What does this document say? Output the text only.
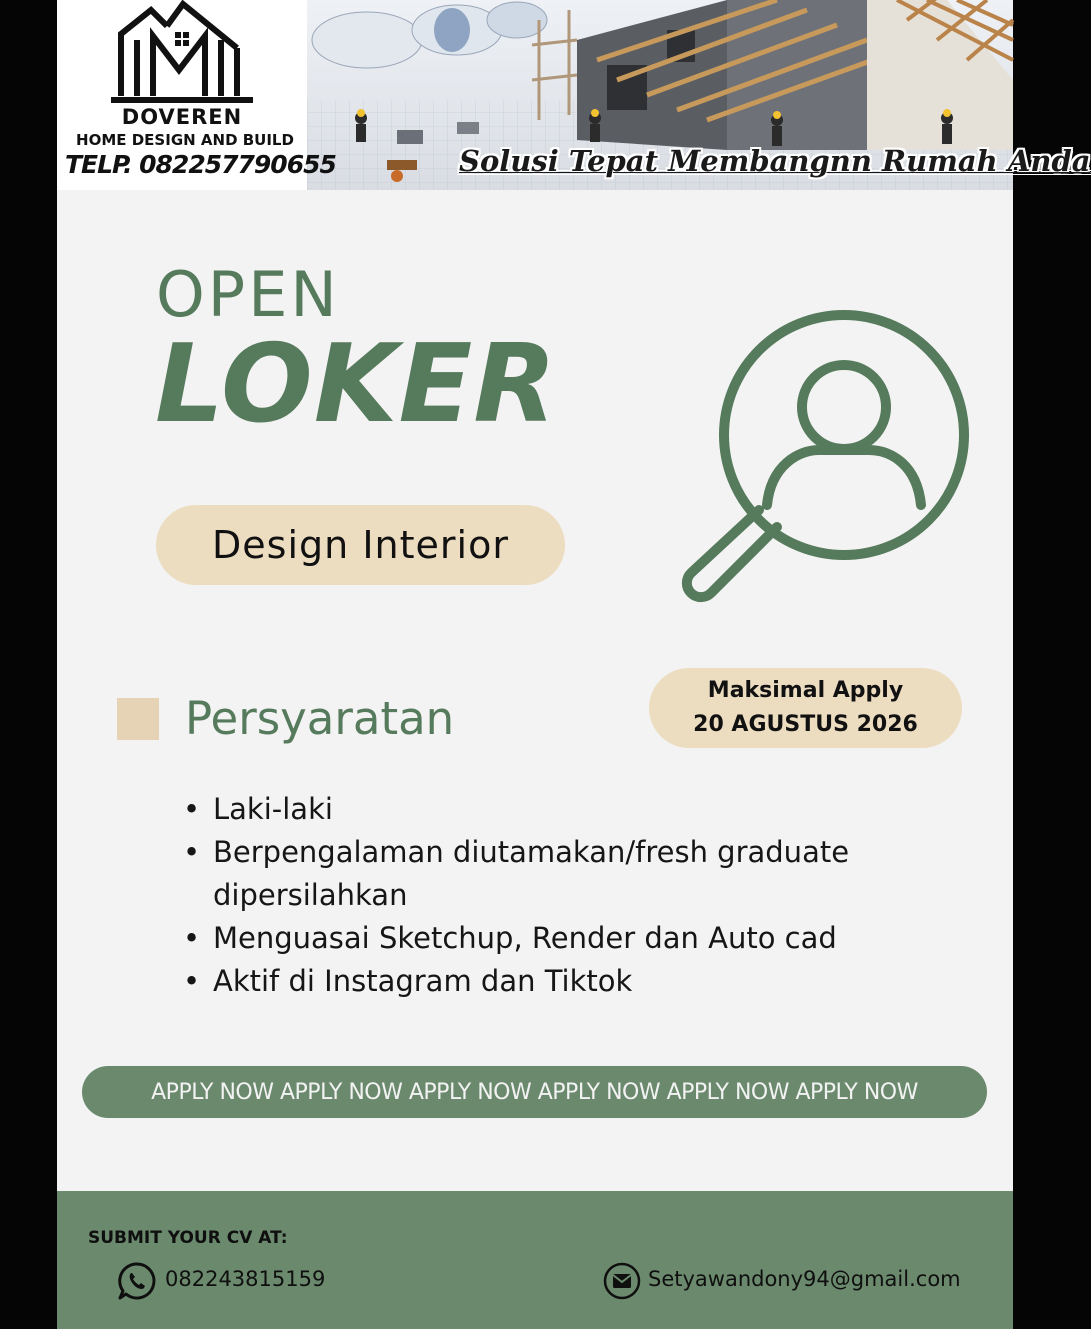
DOVEREN
HOME DESIGN AND BUILD
TELP. 082257790655	Solusi Tepat Membangnn Rumah Anda
OPEN
LOKER
Design Interior
Persyaratan
Maksimal Apply
20 AGUSTUS 2026
• Laki-laki
• Berpengalaman diutamakan/fresh graduate dipersilahkan
• Menguasai Sketchup, Render dan Auto cad
• Aktif di Instagram dan Tiktok
APPLY NOW APPLY NOW APPLY NOW APPLY NOW APPLY NOW APPLY NOW
SUBMIT YOUR CV AT:
082243815159	Setyawandony94@gmail.com
